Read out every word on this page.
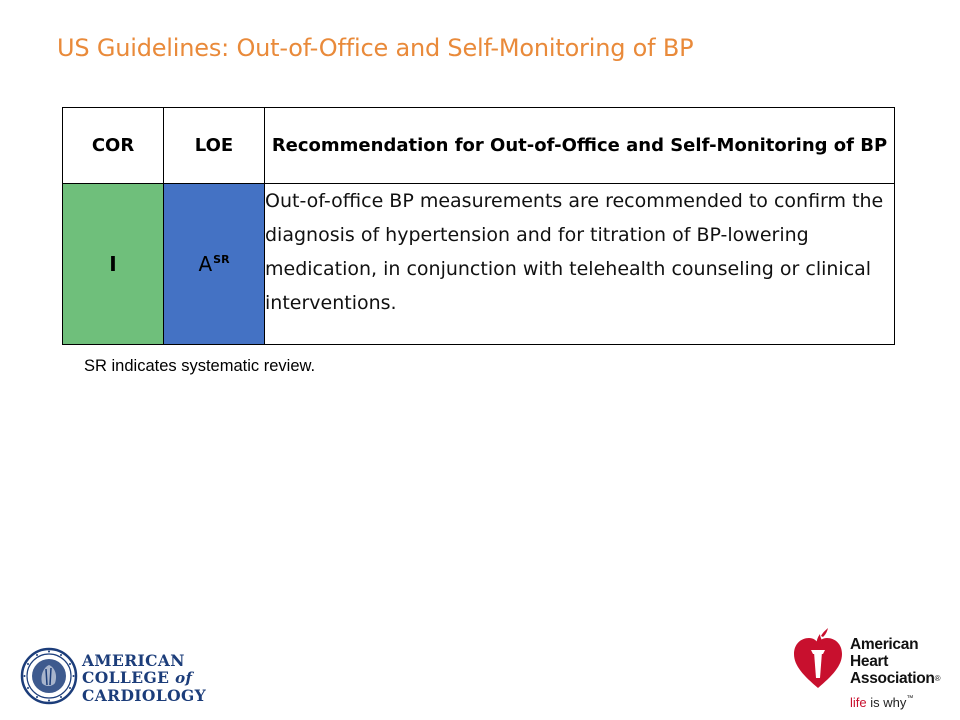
US Guidelines: Out-of-Office and Self-Monitoring of BP
COR	LOE	Recommendation for Out-of-Office and Self-Monitoring of BP
I	$A^{SR}$	Out-of-office BP measurements are recommended to confirm the diagnosis of hypertension and for titration of BP-lowering medication, in conjunction with telehealth counseling or clinical interventions.
SR indicates systematic review.
AMERICAN
COLLEGE of
CARDIOLOGY
American
Heart
Association®
life is why™
